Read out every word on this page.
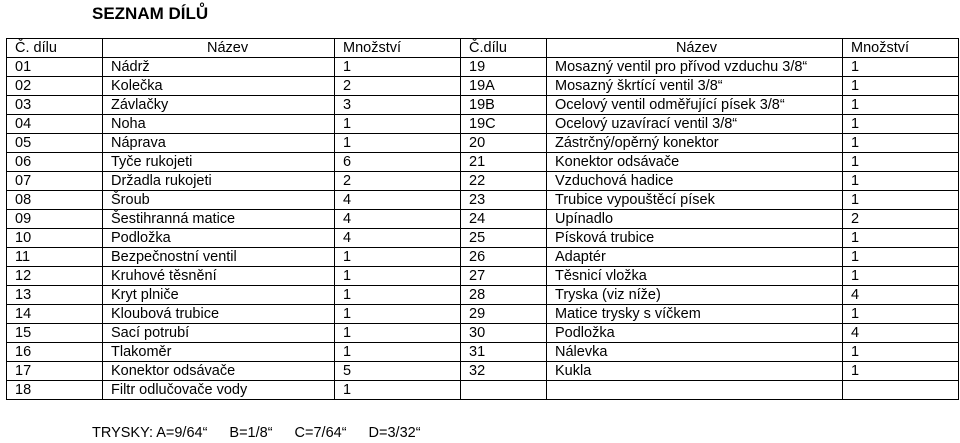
SEZNAM DÍLŮ
Č. dílu	Název	Množství	Č.dílu	Název	Množství
01	Nádrž	1	19	Mosazný ventil pro přívod vzduchu 3/8“	1
02	Kolečka	2	19A	Mosazný škrtící ventil 3/8“	1
03	Závlačky	3	19B	Ocelový ventil odměřující písek 3/8“	1
04	Noha	1	19C	Ocelový uzavírací ventil 3/8“	1
05	Náprava	1	20	Zástrčný/opěrný konektor	1
06	Tyče rukojeti	6	21	Konektor odsávače	1
07	Držadla rukojeti	2	22	Vzduchová hadice	1
08	Šroub	4	23	Trubice vypouštěcí písek	1
09	Šestihranná matice	4	24	Upínadlo	2
10	Podložka	4	25	Písková trubice	1
11	Bezpečnostní ventil	1	26	Adaptér	1
12	Kruhové těsnění	1	27	Těsnicí vložka	1
13	Kryt plniče	1	28	Tryska (viz níže)	4
14	Kloubová trubice	1	29	Matice trysky s víčkem	1
15	Sací potrubí	1	30	Podložka	4
16	Tlakoměr	1	31	Nálevka	1
17	Konektor odsávače	5	32	Kukla	1
18	Filtr odlučovače vody	1			
TRYSKY: A=9/64“ B=1/8“ C=7/64“ D=3/32“
